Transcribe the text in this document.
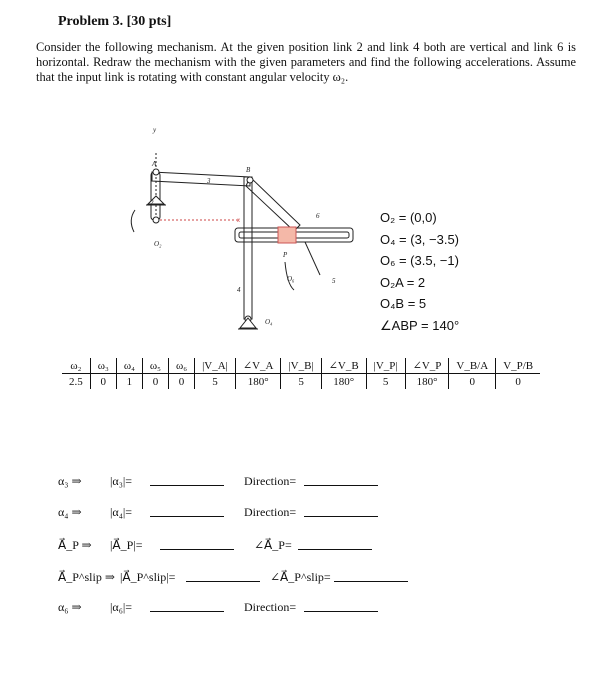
Problem 3. [30 pts]
Consider the following mechanism. At the given position link 2 and link 4 both are vertical and link 6 is horizontal. Redraw the mechanism with the given parameters and find the following accelerations. Assume that the input link is rotating with constant angular velocity ω₂.
y
x
A
B
P
2
3
4
5
6
O₂
O₄
O₆
O₂ = (0,0)
O₄ = (3, −3.5)
O₆ = (3.5, −1)
O₂A = 2
O₄B = 5
∠ABP = 140°
ω₂	ω₃	ω₄	ω₅	ω₆	|V_A|	∠V_A	|V_B|	∠V_B	|V_P|	∠V_P	V_B/A	V_P/B
2.5	0	1	0	0	5	180°	5	180°	5	180°	0	0
α₃ ⇒ |α₃|=	Direction=
α₄ ⇒ |α₄|=	Direction=
A⃗_P ⇒ |A⃗_P|=	∠A⃗_P=
A⃗_P^slip ⇒ |A⃗_P^slip|=	∠A⃗_P^slip=
α₆ ⇒ |α₆|=	Direction=
